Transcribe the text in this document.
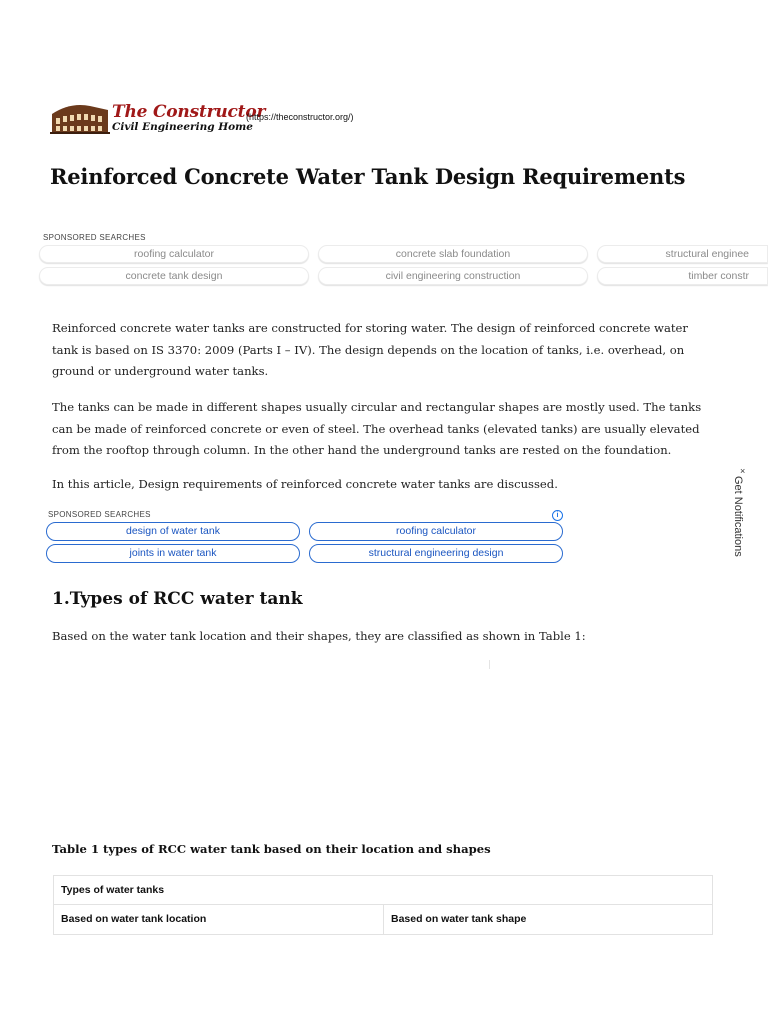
The Constructor
Civil Engineering Home
(https://theconstructor.org/)
Reinforced Concrete Water Tank Design Requirements
SPONSORED SEARCHES
roofing calculator	concrete slab foundation	structural enginee
concrete tank design	civil engineering construction	timber constr

Reinforced concrete water tanks are constructed for storing water. The design of reinforced concrete water tank is based on IS 3370: 2009 (Parts I – IV). The design depends on the location of tanks, i.e. overhead, on ground or underground water tanks.

The tanks can be made in different shapes usually circular and rectangular shapes are mostly used. The tanks can be made of reinforced concrete or even of steel. The overhead tanks (elevated tanks) are usually elevated from the rooftop through column. In the other hand the underground tanks are rested on the foundation.

In this article, Design requirements of reinforced concrete water tanks are discussed.

SPONSORED SEARCHES	i
design of water tank	roofing calculator
joints in water tank	structural engineering design
×
Get Notifications
1.Types of RCC water tank

Based on the water tank location and their shapes, they are classified as shown in Table 1:

Table 1 types of RCC water tank based on their location and shapes
Types of water tanks
Based on water tank location	Based on water tank shape
